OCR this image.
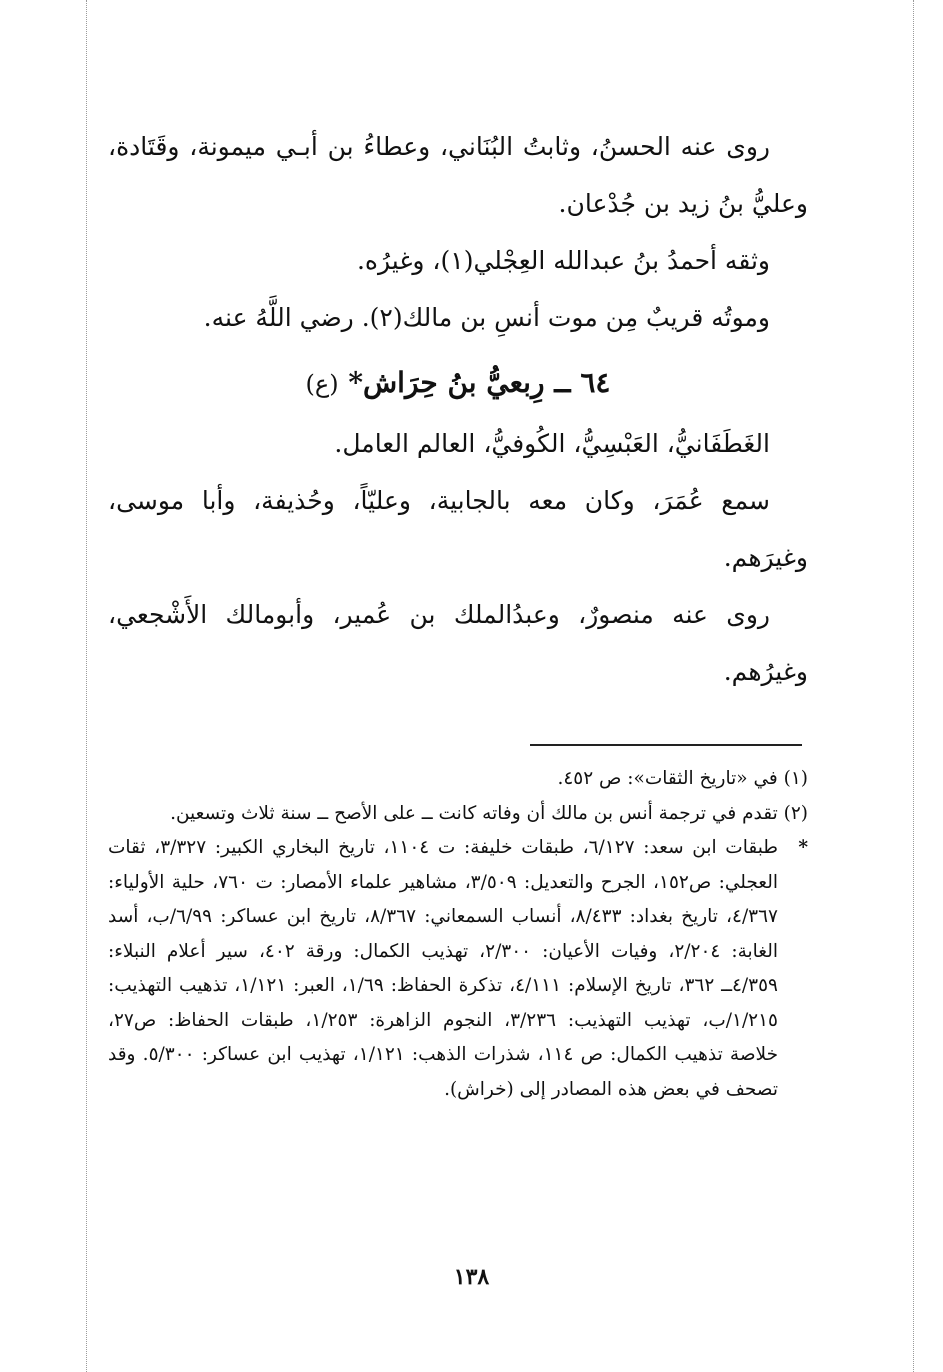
روى عنه الحسنُ، وثابتُ البُنَاني، وعطاءُ بن أبـي ميمونة، وقَتَادة، وعليُّ بنُ زيد بن جُدْعان.

وثقه أحمدُ بنُ عبدالله العِجْلي(١)، وغيرُه.

وموتُه قريبٌ مِن موت أنسِ بن مالك(٢). رضي اللَّهُ عنه.

٦٤ ــ رِبعيُّ بنُ حِرَاش* (ع)

الغَطَفَانيُّ، العَبْسِيُّ، الكُوفيُّ، العالم العامل.

سمع عُمَرَ، وكان معه بالجابية، وعليّاً، وحُذيفة، وأبا موسى، وغيرَهم.

روى عنه منصورٌ، وعبدُالملك بن عُمير، وأبومالك الأَشْجعي، وغيرُهم.

(١) في «تاريخ الثقات»: ص ٤٥٢.

(٢) تقدم في ترجمة أنس بن مالك أن وفاته كانت ــ على الأصح ــ سنة ثلاث وتسعين.

*طبقات ابن سعد: ٦/١٢٧، طبقات خليفة: ت ١١٠٤، تاريخ البخاري الكبير: ٣/٣٢٧، ثقات العجلي: ص١٥٢، الجرح والتعديل: ٣/٥٠٩، مشاهير علماء الأمصار: ت ٧٦٠، حلية الأولياء: ٤/٣٦٧، تاريخ بغداد: ٨/٤٣٣، أنساب السمعاني: ٨/٣٦٧، تاريخ ابن عساكر: ٦/٩٩/ب، أسد الغابة: ٢/٢٠٤، وفيات الأعيان: ٢/٣٠٠، تهذيب الكمال: ورقة ٤٠٢، سير أعلام النبلاء: ٤/٣٥٩ــ ٣٦٢، تاريخ الإسلام: ٤/١١١، تذكرة الحفاظ: ١/٦٩، العبر: ١/١٢١، تذهيب التهذيب: ١/٢١٥/ب، تهذيب التهذيب: ٣/٢٣٦، النجوم الزاهرة: ١/٢٥٣، طبقات الحفاظ: ص٢٧، خلاصة تذهيب الكمال: ص ١١٤، شذرات الذهب: ١/١٢١، تهذيب ابن عساكر: ٥/٣٠٠. وقد تصحف في بعض هذه المصادر إلى (خراش).

١٣٨
